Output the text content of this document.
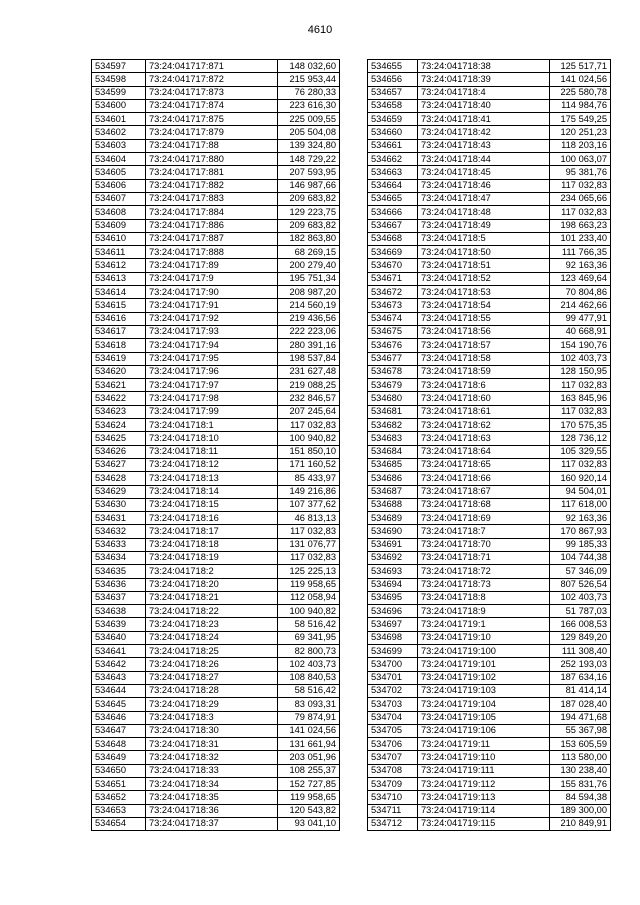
4610
534597	73:24:041717:871	148 032,60
534598	73:24:041717:872	215 953,44
534599	73:24:041717:873	76 280,33
534600	73:24:041717:874	223 616,30
534601	73:24:041717:875	225 009,55
534602	73:24:041717:879	205 504,08
534603	73:24:041717:88	139 324,80
534604	73:24:041717:880	148 729,22
534605	73:24:041717:881	207 593,95
534606	73:24:041717:882	146 987,66
534607	73:24:041717:883	209 683,82
534608	73:24:041717:884	129 223,75
534609	73:24:041717:886	209 683,82
534610	73:24:041717:887	182 863,80
534611	73:24:041717:888	68 269,15
534612	73:24:041717:89	200 279,40
534613	73:24:041717:9	195 751,34
534614	73:24:041717:90	208 987,20
534615	73:24:041717:91	214 560,19
534616	73:24:041717:92	219 436,56
534617	73:24:041717:93	222 223,06
534618	73:24:041717:94	280 391,16
534619	73:24:041717:95	198 537,84
534620	73:24:041717:96	231 627,48
534621	73:24:041717:97	219 088,25
534622	73:24:041717:98	232 846,57
534623	73:24:041717:99	207 245,64
534624	73:24:041718:1	117 032,83
534625	73:24:041718:10	100 940,82
534626	73:24:041718:11	151 850,10
534627	73:24:041718:12	171 160,52
534628	73:24:041718:13	85 433,97
534629	73:24:041718:14	149 216,86
534630	73:24:041718:15	107 377,62
534631	73:24:041718:16	46 813,13
534632	73:24:041718:17	117 032,83
534633	73:24:041718:18	131 076,77
534634	73:24:041718:19	117 032,83
534635	73:24:041718:2	125 225,13
534636	73:24:041718:20	119 958,65
534637	73:24:041718:21	112 058,94
534638	73:24:041718:22	100 940,82
534639	73:24:041718:23	58 516,42
534640	73:24:041718:24	69 341,95
534641	73:24:041718:25	82 800,73
534642	73:24:041718:26	102 403,73
534643	73:24:041718:27	108 840,53
534644	73:24:041718:28	58 516,42
534645	73:24:041718:29	83 093,31
534646	73:24:041718:3	79 874,91
534647	73:24:041718:30	141 024,56
534648	73:24:041718:31	131 661,94
534649	73:24:041718:32	203 051,96
534650	73:24:041718:33	108 255,37
534651	73:24:041718:34	152 727,85
534652	73:24:041718:35	119 958,65
534653	73:24:041718:36	120 543,82
534654	73:24:041718:37	93 041,10
534655	73:24:041718:38	125 517,71
534656	73:24:041718:39	141 024,56
534657	73:24:041718:4	225 580,78
534658	73:24:041718:40	114 984,76
534659	73:24:041718:41	175 549,25
534660	73:24:041718:42	120 251,23
534661	73:24:041718:43	118 203,16
534662	73:24:041718:44	100 063,07
534663	73:24:041718:45	95 381,76
534664	73:24:041718:46	117 032,83
534665	73:24:041718:47	234 065,66
534666	73:24:041718:48	117 032,83
534667	73:24:041718:49	198 663,23
534668	73:24:041718:5	101 233,40
534669	73:24:041718:50	111 766,35
534670	73:24:041718:51	92 163,36
534671	73:24:041718:52	123 469,64
534672	73:24:041718:53	70 804,86
534673	73:24:041718:54	214 462,66
534674	73:24:041718:55	99 477,91
534675	73:24:041718:56	40 668,91
534676	73:24:041718:57	154 190,76
534677	73:24:041718:58	102 403,73
534678	73:24:041718:59	128 150,95
534679	73:24:041718:6	117 032,83
534680	73:24:041718:60	163 845,96
534681	73:24:041718:61	117 032,83
534682	73:24:041718:62	170 575,35
534683	73:24:041718:63	128 736,12
534684	73:24:041718:64	105 329,55
534685	73:24:041718:65	117 032,83
534686	73:24:041718:66	160 920,14
534687	73:24:041718:67	94 504,01
534688	73:24:041718:68	117 618,00
534689	73:24:041718:69	92 163,36
534690	73:24:041718:7	170 867,93
534691	73:24:041718:70	99 185,33
534692	73:24:041718:71	104 744,38
534693	73:24:041718:72	57 346,09
534694	73:24:041718:73	807 526,54
534695	73:24:041718:8	102 403,73
534696	73:24:041718:9	51 787,03
534697	73:24:041719:1	166 008,53
534698	73:24:041719:10	129 849,20
534699	73:24:041719:100	111 308,40
534700	73:24:041719:101	252 193,03
534701	73:24:041719:102	187 634,16
534702	73:24:041719:103	81 414,14
534703	73:24:041719:104	187 028,40
534704	73:24:041719:105	194 471,68
534705	73:24:041719:106	55 367,98
534706	73:24:041719:11	153 605,59
534707	73:24:041719:110	113 580,00
534708	73:24:041719:111	130 238,40
534709	73:24:041719:112	155 831,76
534710	73:24:041719:113	84 594,38
534711	73:24:041719:114	189 300,00
534712	73:24:041719:115	210 849,91
